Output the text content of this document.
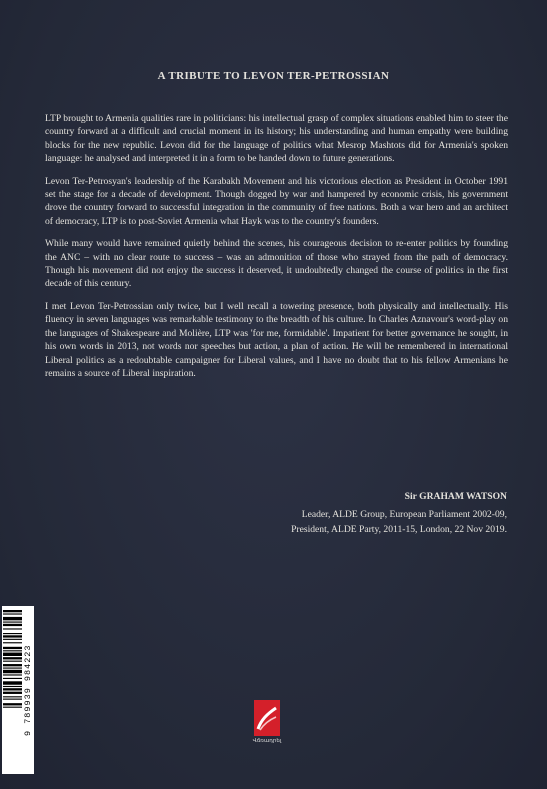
A TRIBUTE TO LEVON TER-PETROSSIAN

LTP brought to Armenia qualities rare in politicians: his intellectual grasp of complex situations enabled him to steer the country forward at a difficult and crucial moment in its history; his understanding and human empathy were building blocks for the new republic. Levon did for the language of politics what Mesrop Mashtots did for Armenia's spoken language: he analysed and interpreted it in a form to be handed down to future generations.

Levon Ter-Petrosyan's leadership of the Karabakh Movement and his victorious election as President in October 1991 set the stage for a decade of development. Though dogged by war and hampered by economic crisis, his government drove the country forward to successful integration in the community of free nations. Both a war hero and an architect of democracy, LTP is to post-Soviet Armenia what Hayk was to the country's founders.

While many would have remained quietly behind the scenes, his courageous decision to re-enter politics by founding the ANC – with no clear route to success – was an admonition of those who strayed from the path of democracy. Though his movement did not enjoy the success it deserved, it undoubtedly changed the course of politics in the first decade of this century.

I met Levon Ter-Petrossian only twice, but I well recall a towering presence, both physically and intellectually. His fluency in seven languages was remarkable testimony to the breadth of his culture. In Charles Aznavour's word-play on the languages of Shakespeare and Molière, LTP was 'for me, formidable'. Impatient for better governance he sought, in his own words in 2013, not words nor speeches but action, a plan of action. He will be remembered in international Liberal politics as a redoubtable campaigner for Liberal values, and I have no doubt that to his fellow Armenians he remains a source of Liberal inspiration.

Sir GRAHAM WATSON
Leader, ALDE Group, European Parliament 2002-09,
President, ALDE Party, 2011-15, London, 22 Nov 2019.
9 789939 984223
Վճռադրել
